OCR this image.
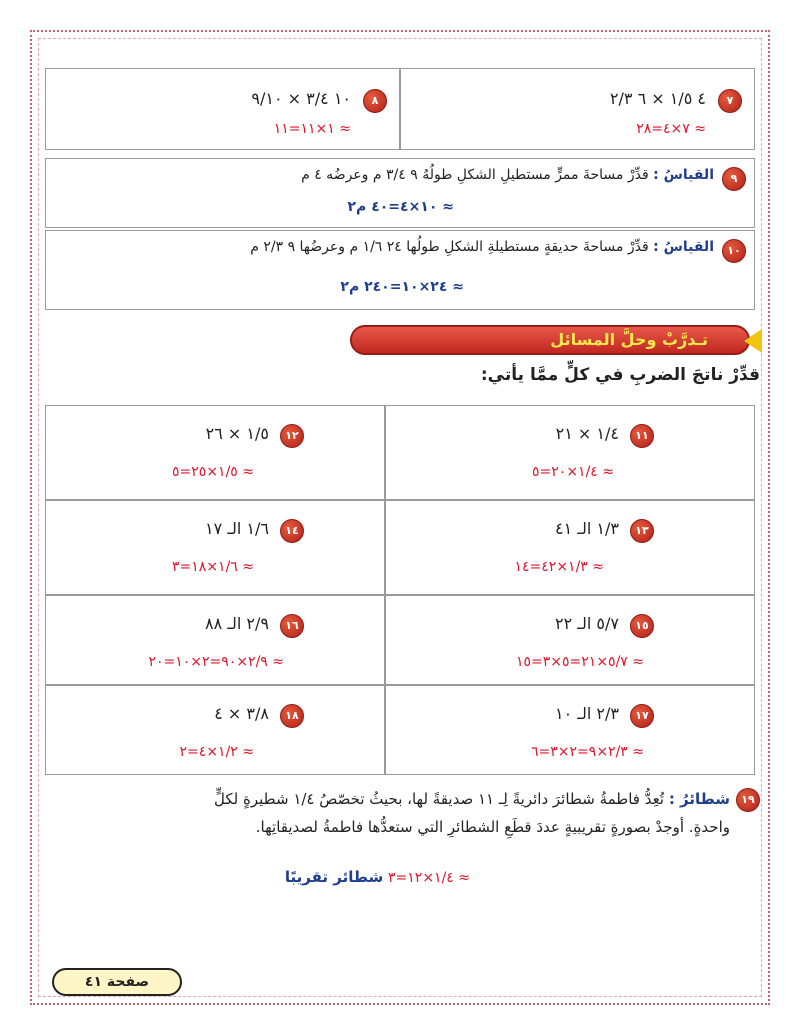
٧
٤ ١/٥ × ٦ ٢/٣
≈ ٧×٤=٢٨
٨
١٠ ٣/٤ × ٩/١٠
≈ ١×١١=١١
٩
القياسُ : قدِّرْ مساحةَ ممرٍّ مستطيلِ الشكلِ طولُهُ ٩ ٣/٤ م وعرضُه ٤ م
≈ ١٠×٤=٤٠ م٢
١٠
القياسُ : قدِّرْ مساحةَ حديقةٍ مستطيلةِ الشكلِ طولُها ٢٤ ١/٦ م وعرضُها ٩ ٢/٣ م
≈ ٢٤×١٠=٢٤٠ م٢
تـدرَّبْ وحلَّ المسائل
قدِّرْ ناتجَ الضربِ في كلٍّ ممَّا يأتي:
١١
١/٤ × ٢١
≈ ١/٤×٢٠=٥
١٢
١/٥ × ٢٦
≈ ١/٥×٢٥=٥
١٣
١/٣ الـ ٤١
≈ ١/٣×٤٢=١٤
١٤
١/٦ الـ ١٧
≈ ١/٦×١٨=٣
١٥
٥/٧ الـ ٢٢
≈ ٥/٧×٢١=٥×٣=١٥
١٦
٢/٩ الـ ٨٨
≈ ٢/٩×٩٠=٢×١٠=٢٠
١٧
٢/٣ الـ ١٠
≈ ٢/٣×٩=٢×٣=٦
١٨
٣/٨ × ٤
≈ ١/٢×٤=٢
١٩
شطائرُ : تُعِدُّ فاطمةُ شطائرَ دائريةً لِـ ١١ صديقةً لها، بحيثُ تخصّصُ ١/٤ شطيرةٍ لكلٍّ
واحدةٍ. أوجدْ بصورةٍ تقريبيةٍ عددَ قطَعِ الشطائرِ التي ستعدُّها فاطمةُ لصديقاتِها.
≈ ١/٤×١٢=٣ شطائر تقريبًا
صفحة ٤١
